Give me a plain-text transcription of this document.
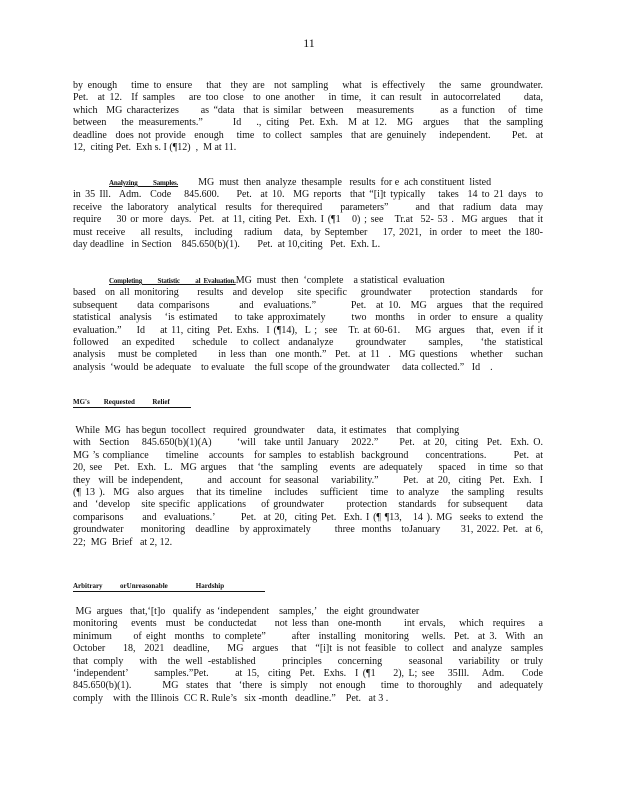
11
by enough   time to ensure   that  they are  not sampling   what  is effectively   the  same  groundwater.
Pet.  at 12.  If samples   are too close  to one another   in time,  it can result  in autocorrelated     data,
which  MG characterizes     as “data  that is similar  between   measurements      as a function   of  time
between   the measurements.”      Id   ., citing  Pet. Exh.  M at 12.  MG  argues   that  the sampling
deadline  does not provide  enough   time  to collect  samples  that are genuinely   independent.     Pet.  at
12,  citing Pet.  Exh s. I (¶12)  ,  M at 11.
Analyzing          Samples. MG  must  then  analyze  thesample   results  for e  ach constituent  listed
in 35 Ill.  Adm.  Code   845.600.    Pet.  at 10.  MG reports  that “[i]t typically   takes  14 to 21 days  to
receive  the laboratory  analytical  results  for therequired    parameters”      and  that  radium  data  may
require    30 or more  days.  Pet.  at 11, citing Pet.  Exh. I (¶1   0) ; see   Tr.at  52- 53 .  MG argues   that it
must receive    all results,   including   radium   data,  by September    17, 2021,  in order  to meet  the 180-
day deadline   in Section    845.650(b)(1).       Pet.  at 10,citing   Pet.  Exh. L.
Completing          Statistic          al  Evaluation.MG  must  then  ‘complete    a statistical  evaluation
based  on all monitoring    results  and develop   site specific   groundwater    protection  standards   for
subsequent    data comparisons      and  evaluations.”       Pet.  at 10.  MG  argues  that the required
statistical  analysis   ‘is estimated    to take approximately      two  months   in order  to ensure  a quality
evaluation.”    Id    at 11, citing  Pet. Exhs.  I (¶14),  L ;  see   Tr. at 60-61.    MG  argues   that,  even  if it
followed   an expedited    schedule   to collect  andanalyze     groundwater     samples,    ‘the  statistical
analysis   must be completed     in less than  one month.”  Pet.  at 11  .  MG questions   whether   suchan
analysis  ‘would  be adequate    to evaluate    the full scope  of the groundwater     data collected.”   Id    .
MG's        Requested          Relief
While  MG  has begun  tocollect   required   groundwater     data,  it estimates    that  complying
with  Section   845.650(b)(1)(A)      ‘will  take until January   2022.”     Pet.  at 20,  citing  Pet.  Exh. O.
MG ’s compliance     timeline   accounts   for samples  to establish  background     concentrations.        Pet.  at
20, see   Pet.  Exh.  L.  MG argues   that ‘the  sampling   events  are adequately    spaced   in time  so that
they  will be independent,      and  account  for seasonal   variability.”      Pet.  at 20,  citing  Pet.  Exh.  I
(¶ 13 ).  MG  also argues   that its timeline   includes   sufficient   time  to analyze   the sampling   results
and  ‘develop   site specific  applications    of groundwater      protection   standards   for subsequent     data
comparisons     and  evaluations.’       Pet.  at 20,  citing Pet.  Exh. I (¶ ¶13,   14 ). MG  seeks to extend  the
groundwater     monitoring   deadline   by approximately       three  months   toJanuary      31, 2022. Pet.  at 6,
22;  MG  Brief   at 2, 12.
Arbitrary          orUnreasonable                Hardship
MG  argues   that,‘[t]o   qualify  as ‘independent    samples,’    the  eight  groundwater
monitoring   events  must  be conductedat    not less than  one-month     int ervals,   which  requires   a
minimum     of eight  months  to complete”      after  installing  monitoring   wells.  Pet.  at 3.  With  an
October    18,  2021  deadline,    MG  argues   that  “[i]t is not feasible  to collect  and analyze  samples
that comply   with  the well -established     principles   concerning     seasonal   variability  or truly
‘independent’      samples.”Pet.      at 15,  citing  Pet.  Exhs.  I (¶1    2), L; see   35Ill.   Adm.    Code
845.650(b)(1).        MG  states  that  ‘there  is simply   not enough    time  to thoroughly    and  adequately
comply    with  the Illinois  CC R. Rule’s   six -month   deadline.”    Pet.   at 3 .
